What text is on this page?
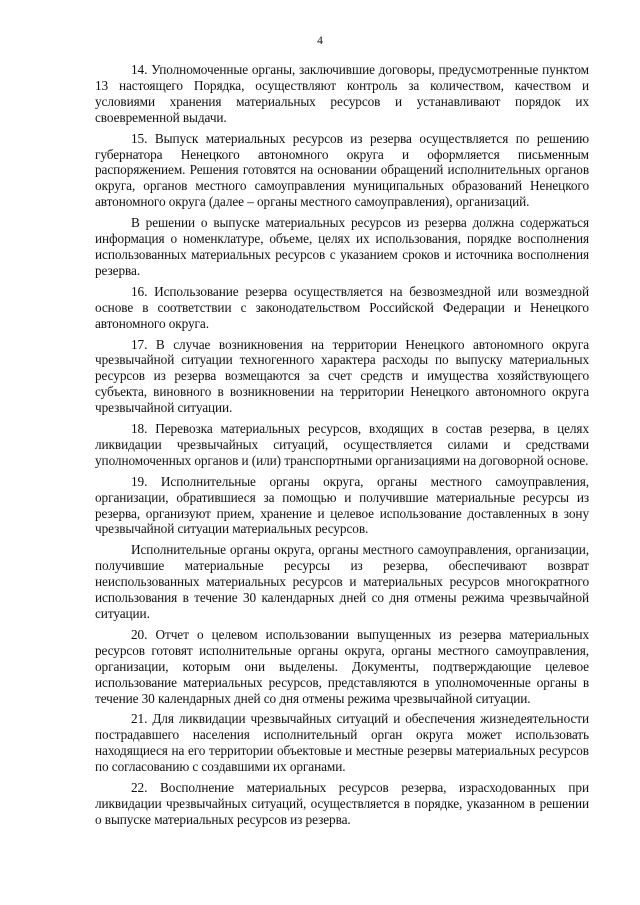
4

14. Уполномоченные органы, заключившие договоры, предусмотренные пунктом 13 настоящего Порядка, осуществляют контроль за количеством, качеством и условиями хранения материальных ресурсов и устанавливают порядок их своевременной выдачи.

15. Выпуск материальных ресурсов из резерва осуществляется по решению губернатора Ненецкого автономного округа и оформляется письменным распоряжением. Решения готовятся на основании обращений исполнительных органов округа, органов местного самоуправления муниципальных образований Ненецкого автономного округа (далее – органы местного самоуправления), организаций.

В решении о выпуске материальных ресурсов из резерва должна содержаться информация о номенклатуре, объеме, целях их использования, порядке восполнения использованных материальных ресурсов с указанием сроков и источника восполнения резерва.

16. Использование резерва осуществляется на безвозмездной или возмездной основе в соответствии с законодательством Российской Федерации и Ненецкого автономного округа.

17. В случае возникновения на территории Ненецкого автономного округа чрезвычайной ситуации техногенного характера расходы по выпуску материальных ресурсов из резерва возмещаются за счет средств и имущества хозяйствующего субъекта, виновного в возникновении на территории Ненецкого автономного округа чрезвычайной ситуации.

18. Перевозка материальных ресурсов, входящих в состав резерва, в целях ликвидации чрезвычайных ситуаций, осуществляется силами и средствами уполномоченных органов и (или) транспортными организациями на договорной основе.

19. Исполнительные органы округа, органы местного самоуправления, организации, обратившиеся за помощью и получившие материальные ресурсы из резерва, организуют прием, хранение и целевое использование доставленных в зону чрезвычайной ситуации материальных ресурсов.

Исполнительные органы округа, органы местного самоуправления, организации, получившие материальные ресурсы из резерва, обеспечивают возврат неиспользованных материальных ресурсов и материальных ресурсов многократного использования в течение 30 календарных дней со дня отмены режима чрезвычайной ситуации.

20. Отчет о целевом использовании выпущенных из резерва материальных ресурсов готовят исполнительные органы округа, органы местного самоуправления, организации, которым они выделены. Документы, подтверждающие целевое использование материальных ресурсов, представляются в уполномоченные органы в течение 30 календарных дней со дня отмены режима чрезвычайной ситуации.

21. Для ликвидации чрезвычайных ситуаций и обеспечения жизнедеятельности пострадавшего населения исполнительный орган округа может использовать находящиеся на его территории объектовые и местные резервы материальных ресурсов по согласованию с создавшими их органами.

22. Восполнение материальных ресурсов резерва, израсходованных при ликвидации чрезвычайных ситуаций, осуществляется в порядке, указанном в решении о выпуске материальных ресурсов из резерва.
